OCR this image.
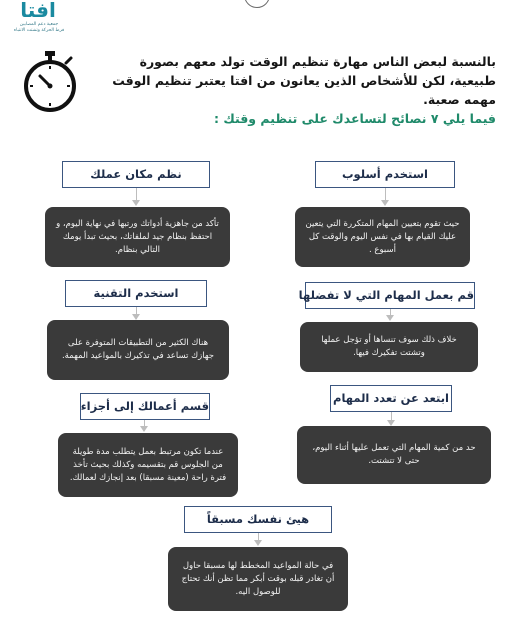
افتا
جمعية دعم المصابين
فرط الحركة وتشتت الانتباه
بالنسبة لبعض الناس مهارة تنظيم الوقت تولد معهم بصورة طبيعية، لكن للأشخاص الذين يعانون من افتا يعتبر تنظيم الوقت مهمه صعبة.
فيما يلي ٧ نصائح لتساعدك على تنظيم وقتك :
استخدم أسلوب
حيث تقوم بتعيين المهام المتكررة التي يتعين عليك القيام بها في نفس اليوم والوقت كل أسبوع .
نظم مكان عملك
تأكد من جاهزية أدواتك ورتبها في نهاية اليوم، و احتفظ بنظام جيد لملفاتك، بحيث تبدأ يومك التالي بنظام.
قم بعمل المهام التي لا تفضلها
خلاف ذلك سوف تنساها أو تؤجل عملها وتشتت تفكيرك فيها.
استخدم التقنية
هناك الكثير من التطبيقات المتوفرة على جهازك تساعد في تذكيرك بالمواعيد المهمة.
ابتعد عن تعدد المهام
حد من كمية المهام التي تعمل عليها أثناء اليوم، حتى لا تتشتت.
قسم أعمالك إلى أجزاء
عندما تكون مرتبط بعمل يتطلب مدة طويلة من الجلوس قم بتقسيمه وكذلك بحيث تأخذ فترة راحة (معينة مسبقا) بعد إنجازك لعمالك.
هيئ نفسك مسبقاً
في حالة المواعيد المخطط لها مسبقا حاول أن تغادر قبله بوقت أبكر مما تظن أنك تحتاج للوصول اليه.
